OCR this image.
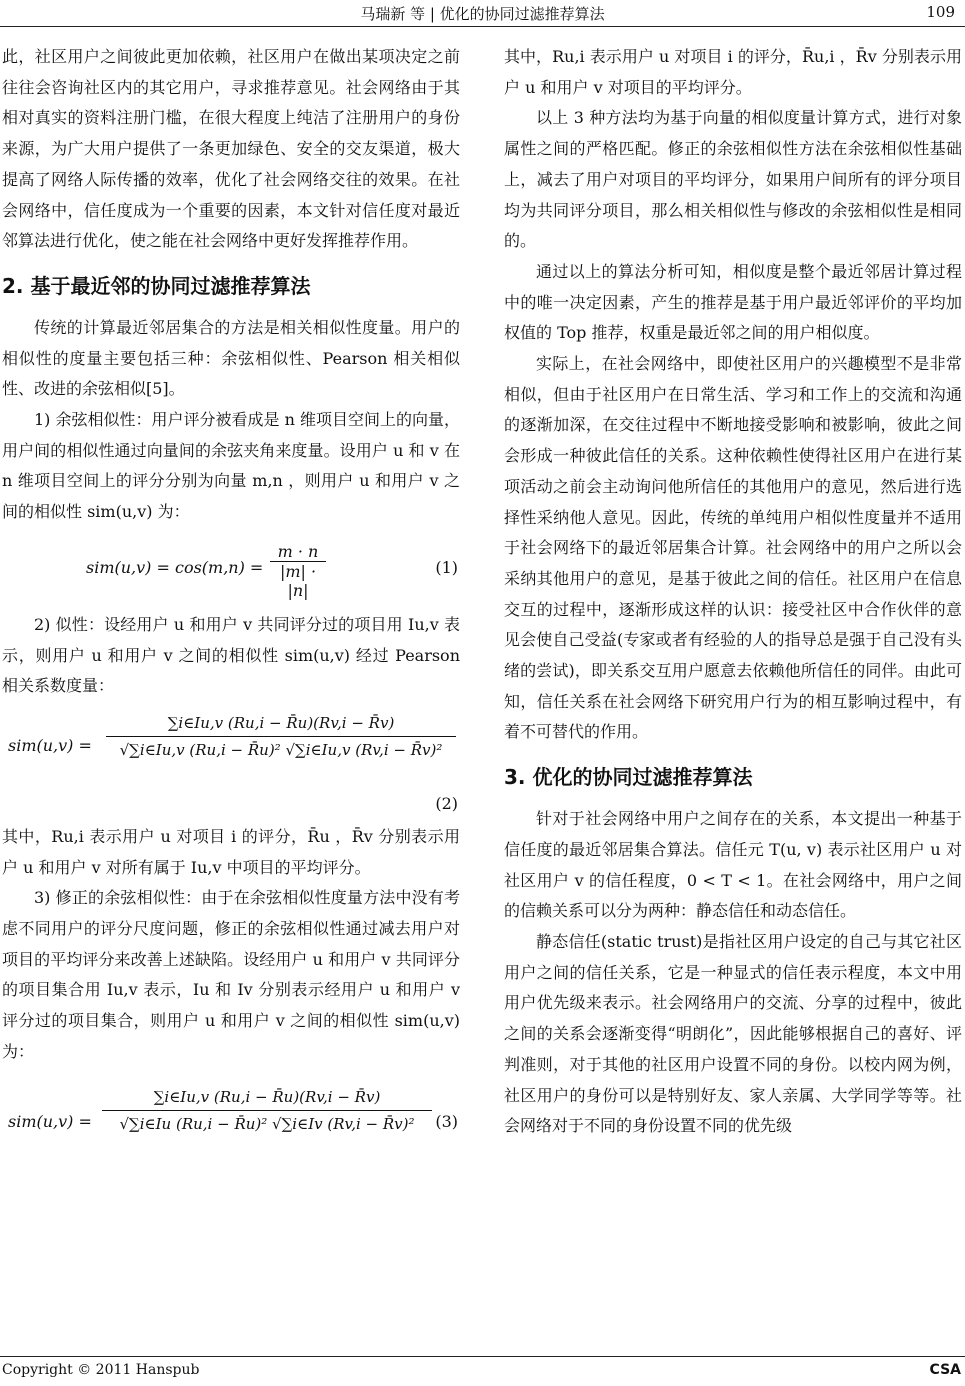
马瑞新 等 | 优化的协同过滤推荐算法	109

此，社区用户之间彼此更加依赖，社区用户在做出某项决定之前往往会咨询社区内的其它用户，寻求推荐意见。社会网络由于其相对真实的资料注册门槛，在很大程度上纯洁了注册用户的身份来源，为广大用户提供了一条更加绿色、安全的交友渠道，极大提高了网络人际传播的效率，优化了社会网络交往的效果。在社会网络中，信任度成为一个重要的因素，本文针对信任度对最近邻算法进行优化，使之能在社会网络中更好发挥推荐作用。

2. 基于最近邻的协同过滤推荐算法

传统的计算最近邻居集合的方法是相关相似性度量。用户的相似性的度量主要包括三种：余弦相似性、Pearson 相关相似性、改进的余弦相似[5]。

1) 余弦相似性：用户评分被看成是 n 维项目空间上的向量，用户间的相似性通过向量间的余弦夹角来度量。设用户 u 和 v 在 n 维项目空间上的评分分别为向量 m,n ，则用户 u 和用户 v 之间的相似性 sim(u,v) 为：

sim(u,v) = cos(m,n) =
m · n
|m| · |n|
(1)

2) 似性：设经用户 u 和用户 v 共同评分过的项目用 Iu,v 表示，则用户 u 和用户 v 之间的相似性 sim(u,v) 经过 Pearson 相关系数度量：

sim(u,v) =
∑i∈Iu,v (Ru,i − R̄u)(Rv,i − R̄v)
√∑i∈Iu,v (Ru,i − R̄u)² √∑i∈Iu,v (Rv,i − R̄v)²
(2)

其中，Ru,i 表示用户 u 对项目 i 的评分，R̄u ，R̄v 分别表示用户 u 和用户 v 对所有属于 Iu,v 中项目的平均评分。

3) 修正的余弦相似性：由于在余弦相似性度量方法中没有考虑不同用户的评分尺度问题，修正的余弦相似性通过减去用户对项目的平均评分来改善上述缺陷。设经用户 u 和用户 v 共同评分的项目集合用 Iu,v 表示，Iu 和 Iv 分别表示经用户 u 和用户 v 评分过的项目集合，则用户 u 和用户 v 之间的相似性 sim(u,v) 为：

sim(u,v) =
∑i∈Iu,v (Ru,i − R̄u)(Rv,i − R̄v)
√∑i∈Iu (Ru,i − R̄u)² √∑i∈Iv (Rv,i − R̄v)²	(3)

其中，Ru,i 表示用户 u 对项目 i 的评分，R̄u,i ，R̄v 分别表示用户 u 和用户 v 对项目的平均评分。

以上 3 种方法均为基于向量的相似度量计算方式，进行对象属性之间的严格匹配。修正的余弦相似性方法在余弦相似性基础上，减去了用户对项目的平均评分，如果用户间所有的评分项目均为共同评分项目，那么相关相似性与修改的余弦相似性是相同的。

通过以上的算法分析可知，相似度是整个最近邻居计算过程中的唯一决定因素，产生的推荐是基于用户最近邻评价的平均加权值的 Top 推荐，权重是最近邻之间的用户相似度。

实际上，在社会网络中，即使社区用户的兴趣模型不是非常相似，但由于社区用户在日常生活、学习和工作上的交流和沟通的逐渐加深，在交往过程中不断地接受影响和被影响，彼此之间会形成一种彼此信任的关系。这种依赖性使得社区用户在进行某项活动之前会主动询问他所信任的其他用户的意见，然后进行选择性采纳他人意见。因此，传统的单纯用户相似性度量并不适用于社会网络下的最近邻居集合计算。社会网络中的用户之所以会采纳其他用户的意见，是基于彼此之间的信任。社区用户在信息交互的过程中，逐渐形成这样的认识：接受社区中合作伙伴的意见会使自己受益(专家或者有经验的人的指导总是强于自己没有头绪的尝试)，即关系交互用户愿意去依赖他所信任的同伴。由此可知，信任关系在社会网络下研究用户行为的相互影响过程中，有着不可替代的作用。

3. 优化的协同过滤推荐算法

针对于社会网络中用户之间存在的关系，本文提出一种基于信任度的最近邻居集合算法。信任元 T(u, v) 表示社区用户 u 对社区用户 v 的信任程度，0 < T < 1。在社会网络中，用户之间的信赖关系可以分为两种：静态信任和动态信任。

静态信任(static trust)是指社区用户设定的自己与其它社区用户之间的信任关系，它是一种显式的信任表示程度，本文中用用户优先级来表示。社会网络用户的交流、分享的过程中，彼此之间的关系会逐渐变得“明朗化”，因此能够根据自己的喜好、评判准则，对于其他的社区用户设置不同的身份。以校内网为例，社区用户的身份可以是特别好友、家人亲属、大学同学等等。社会网络对于不同的身份设置不同的优先级

Copyright © 2011 Hanspub	CSA
